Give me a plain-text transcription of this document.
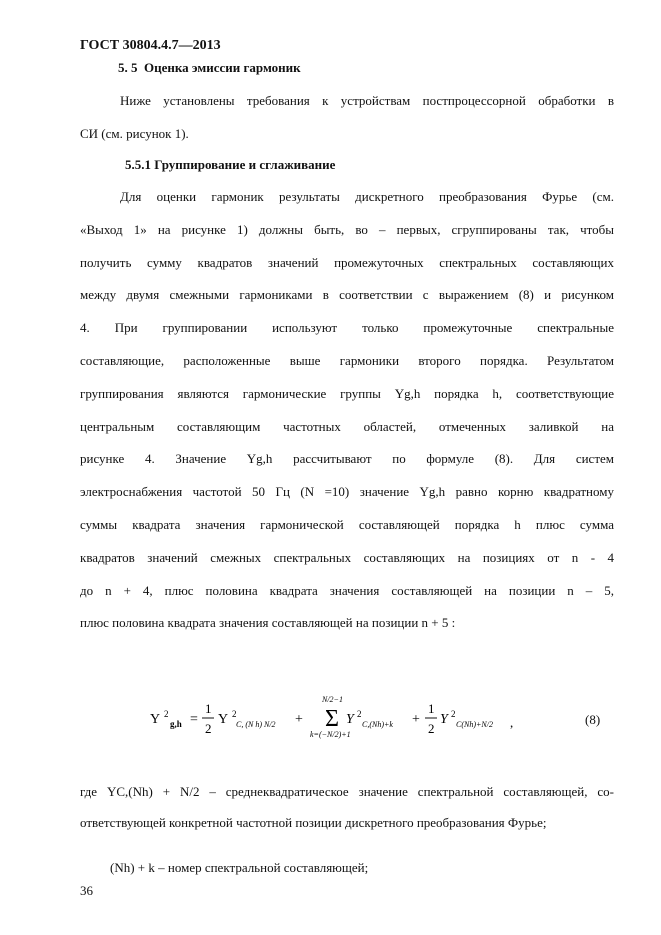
ГОСТ 30804.4.7—2013
5. 5 Оценка эмиссии гармоник
Ниже установлены требования к устройствам постпроцессорной обработки в
СИ (см. рисунок 1).
5.5.1 Группирование и сглаживание
Для оценки гармоник результаты дискретного преобразования Фурье (см.
«Выход 1» на рисунке 1) должны быть, во – первых, сгруппированы так, чтобы
получить сумму квадратов значений промежуточных спектральных составляющих
между двумя смежными гармониками в соответствии с выражением (8) и рисунком
4. При группировании используют только промежуточные спектральные
составляющие, расположенные выше гармоники второго порядка. Результатом
группирования являются гармонические группы Yg,h порядка h, соответствующие
центральным составляющим частотных областей, отмеченных заливкой на
рисунке 4. Значение Yg,h рассчитывают по формуле (8). Для систем
электроснабжения частотой 50 Гц (N =10) значение Yg,h равно корню квадратному
суммы квадрата значения гармонической составляющей порядка h плюс сумма
квадратов значений смежных спектральных составляющих на позициях от n - 4
до n + 4, плюс половина квадрата значения составляющей на позиции n – 5,
плюс половина квадрата значения составляющей на позиции n + 5 :
Y 2
g,h =
1
2
Y 2
C, (N h) N/2 +
N/2−1
Σ
k=(−N/2)+1
Y 2
C,(Nh)+k +
1
2
Y 2
C(Nh)+N/2 ,	(8)
где YC,(Nh) + N/2 – среднеквадратическое значение спектральной составляющей, со-
ответствующей конкретной частотной позиции дискретного преобразования Фурье;
(Nh) + k – номер спектральной составляющей;
36
